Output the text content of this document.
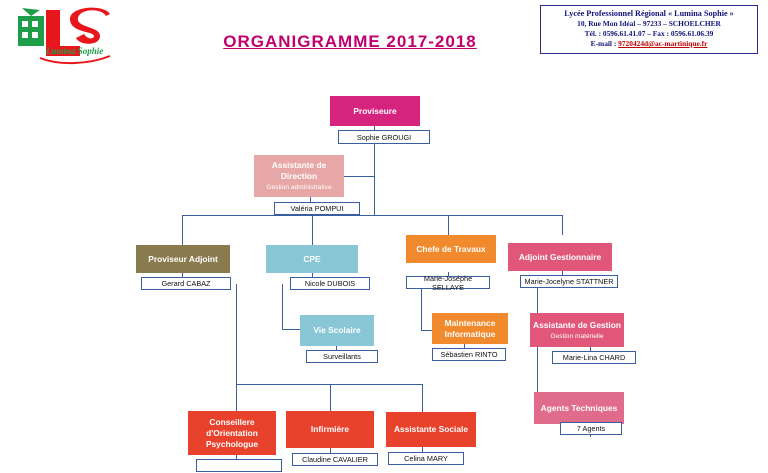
Lumina Sophie	ORGANIGRAMME 2017-2018
Lycée Professionnel Régional « Lumina Sophie »
10, Rue Mon Idéal – 97233 – SCHOELCHER
Tél. : 0596.61.41.07 – Fax : 0596.61.06.39
E-mail : 9720424d@ac-martinique.fr
Proviseure
Sophie GROUGI
Assistante de Direction
Gestion administrative
Valéria POMPUI
Proviseur Adjoint
Gerard CABAZ
CPE
Nicole DUBOIS
Chefe de Travaux
Marie-Joséphe SELLAYE
Adjoint Gestionnaire
Marie-Jocelyne STATTNER
Vie Scolaire
Surveillants
Maintenance Informatique
Sébastien RINTO
Assistante de Gestion
Gestion matérielle
Marie-Lina CHARD
Agents Techniques
7 Agents
Conseillere d'Orientation Psychologue
Infirmière
Claudine CAVALIER
Assistante Sociale
Celina MARY
